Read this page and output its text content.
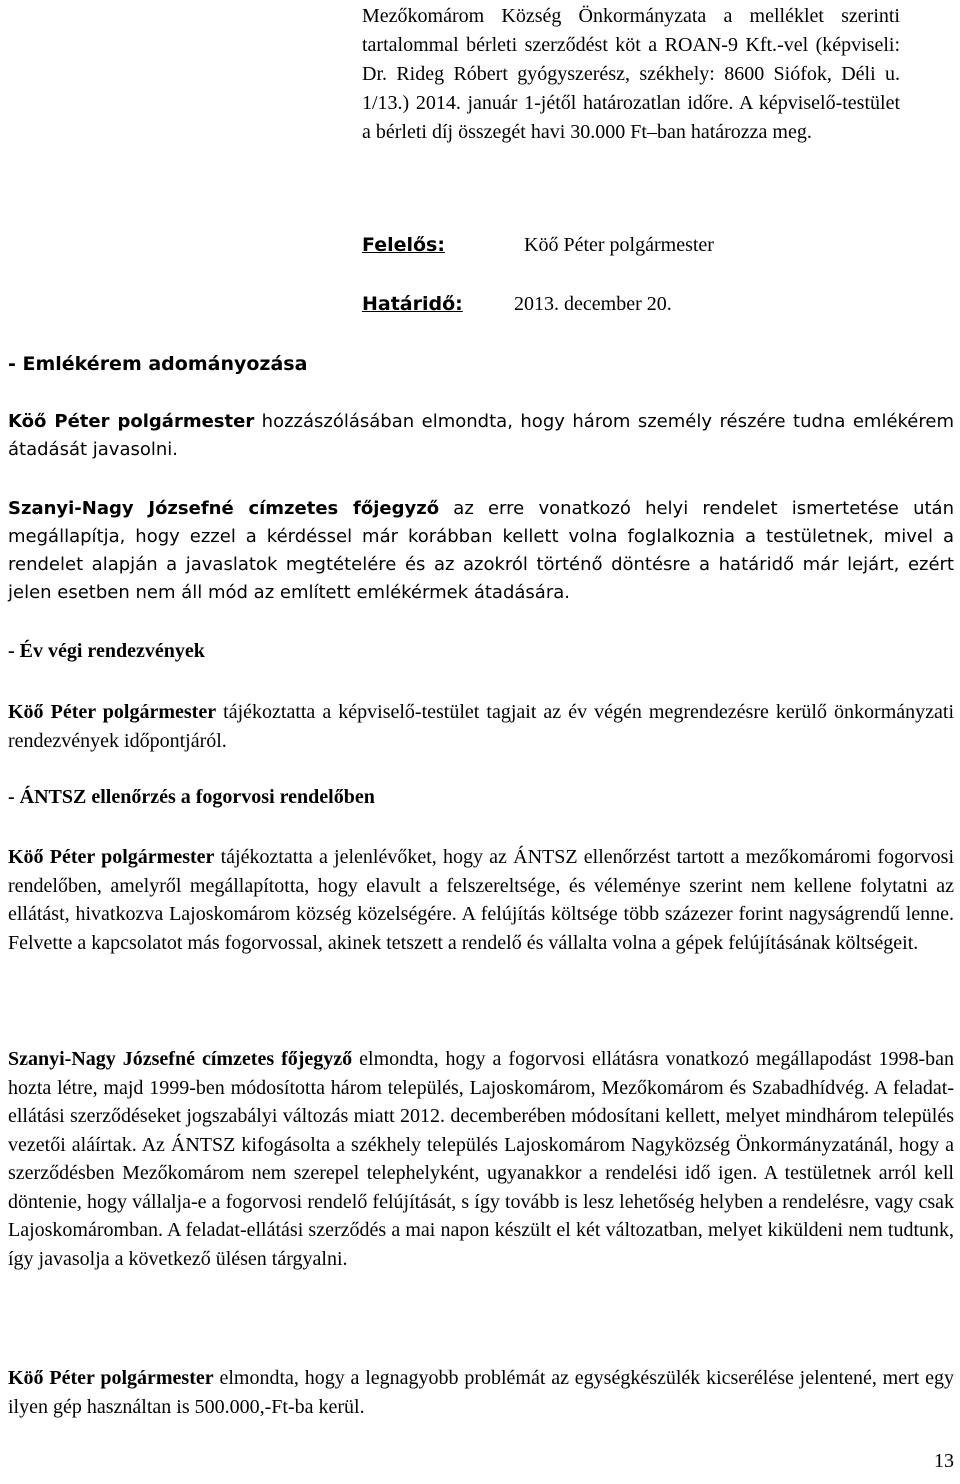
Mezőkomárom Község Önkormányzata a melléklet szerinti tartalommal bérleti szerződést köt a ROAN-9 Kft.-vel (képviseli: Dr. Rideg Róbert gyógyszerész, székhely: 8600 Siófok, Déli u. 1/13.) 2014. január 1-jétől határozatlan időre. A képviselő-testület a bérleti díj összegét havi 30.000 Ft–ban határozza meg.

Felelős:	Köő Péter polgármester
Határidő:	2013. december 20.
- Emlékérem adományozása

Köő Péter polgármester hozzászólásában elmondta, hogy három személy részére tudna emlékérem átadását javasolni.

Szanyi-Nagy Józsefné címzetes főjegyző az erre vonatkozó helyi rendelet ismertetése után megállapítja, hogy ezzel a kérdéssel már korábban kellett volna foglalkoznia a testületnek, mivel a rendelet alapján a javaslatok megtételére és az azokról történő döntésre a határidő már lejárt, ezért jelen esetben nem áll mód az említett emlékérmek átadására.

- Év végi rendezvények

Köő Péter polgármester tájékoztatta a képviselő-testület tagjait az év végén megrendezésre kerülő önkormányzati rendezvények időpontjáról.

- ÁNTSZ ellenőrzés a fogorvosi rendelőben

Köő Péter polgármester tájékoztatta a jelenlévőket, hogy az ÁNTSZ ellenőrzést tartott a mezőkomáromi fogorvosi rendelőben, amelyről megállapította, hogy elavult a felszereltsége, és véleménye szerint nem kellene folytatni az ellátást, hivatkozva Lajoskomárom község közelségére. A felújítás költsége több százezer forint nagyságrendű lenne. Felvette a kapcsolatot más fogorvossal, akinek tetszett a rendelő és vállalta volna a gépek felújításának költségeit.

Szanyi-Nagy Józsefné címzetes főjegyző elmondta, hogy a fogorvosi ellátásra vonatkozó megállapodást 1998-ban hozta létre, majd 1999-ben módosította három település, Lajoskomárom, Mezőkomárom és Szabadhídvég. A feladat-ellátási szerződéseket jogszabályi változás miatt 2012. decemberében módosítani kellett, melyet mindhárom település vezetői aláírtak. Az ÁNTSZ kifogásolta a székhely település Lajoskomárom Nagyközség Önkormányzatánál, hogy a szerződésben Mezőkomárom nem szerepel telephelyként, ugyanakkor a rendelési idő igen. A testületnek arról kell döntenie, hogy vállalja-e a fogorvosi rendelő felújítását, s így tovább is lesz lehetőség helyben a rendelésre, vagy csak Lajoskomáromban. A feladat-ellátási szerződés a mai napon készült el két változatban, melyet kiküldeni nem tudtunk, így javasolja a következő ülésen tárgyalni.

Köő Péter polgármester elmondta, hogy a legnagyobb problémát az egységkészülék kicserélése jelentené, mert egy ilyen gép használtan is 500.000,-Ft-ba kerül.

13
